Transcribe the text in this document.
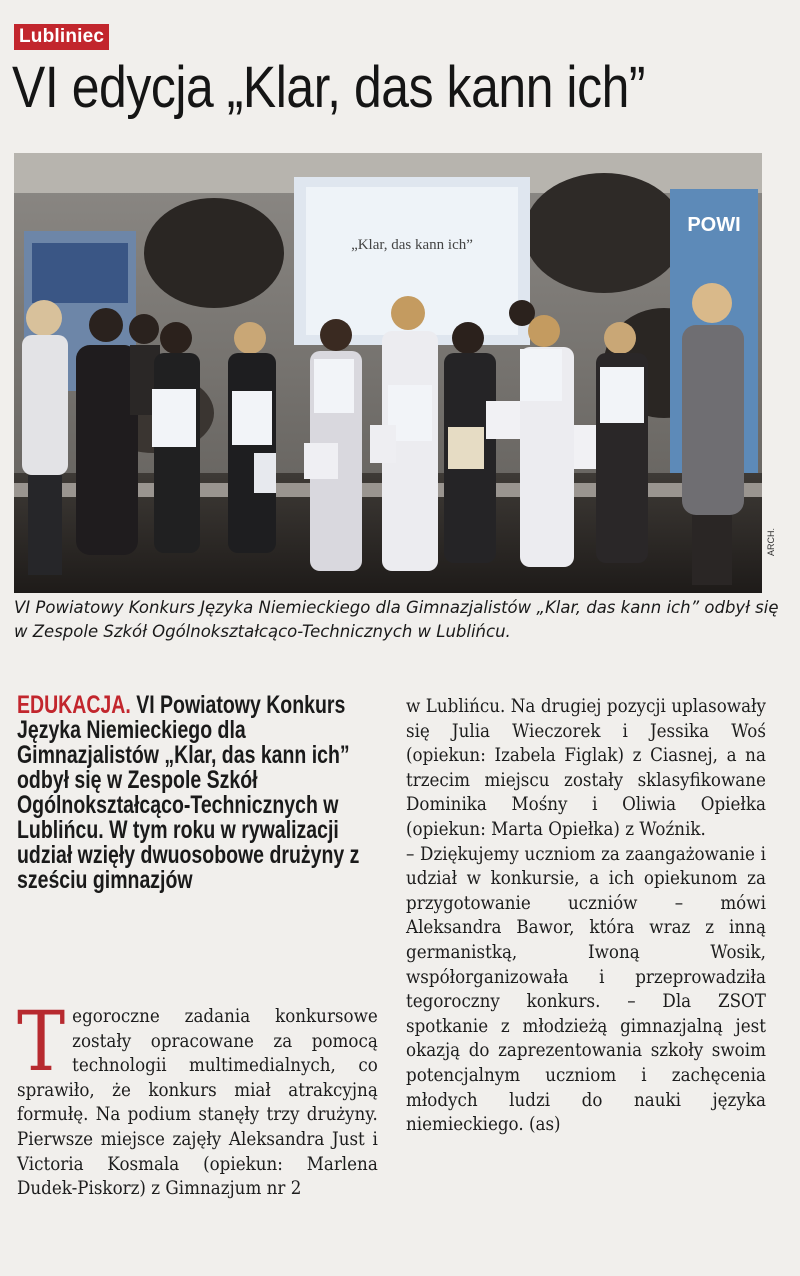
Lubliniec
VI edycja „Klar, das kann ich”
„Klar, das kann ich”
POWI
ARCH.
VI Powiatowy Konkurs Języka Niemieckiego dla Gimnazjalistów „Klar, das kann ich” odbył się w Zespole Szkół Ogólnokształcąco-Technicznych w Lublińcu.
EDUKACJA. VI Powiatowy Konkurs Języka Niemieckiego dla Gimnazjalistów „Klar, das kann ich” odbył się w Zespole Szkół Ogólnokształcąco-Technicznych w Lublińcu. W tym roku w rywalizacji udział wzięły dwuosobowe drużyny z sześciu gimnazjów

Tegoroczne zadania konkursowe zostały opracowane za pomocą technologii multimedialnych, co sprawiło, że konkurs miał atrakcyjną formułę. Na podium stanęły trzy drużyny. Pierwsze miejsce zajęły Aleksandra Just i Victoria Kosmala (opiekun: Marlena Dudek-Piskorz) z Gimnazjum nr 2

w Lublińcu. Na drugiej pozycji uplasowały się Julia Wieczorek i Jessika Woś (opiekun: Izabela Figlak) z Ciasnej, a na trzecim miejscu zostały sklasyfikowane Dominika Mośny i Oliwia Opiełka (opiekun: Marta Opiełka) z Woźnik.

– Dziękujemy uczniom za zaangażowanie i udział w konkursie, a ich opiekunom za przygotowanie uczniów – mówi Aleksandra Bawor, która wraz z inną germanistką, Iwoną Wosik, współorganizowała i przeprowadziła tegoroczny konkurs. – Dla ZSOT spotkanie z młodzieżą gimnazjalną jest okazją do zaprezentowania szkoły swoim potencjalnym uczniom i zachęcenia młodych ludzi do nauki języka niemieckiego. (as)
